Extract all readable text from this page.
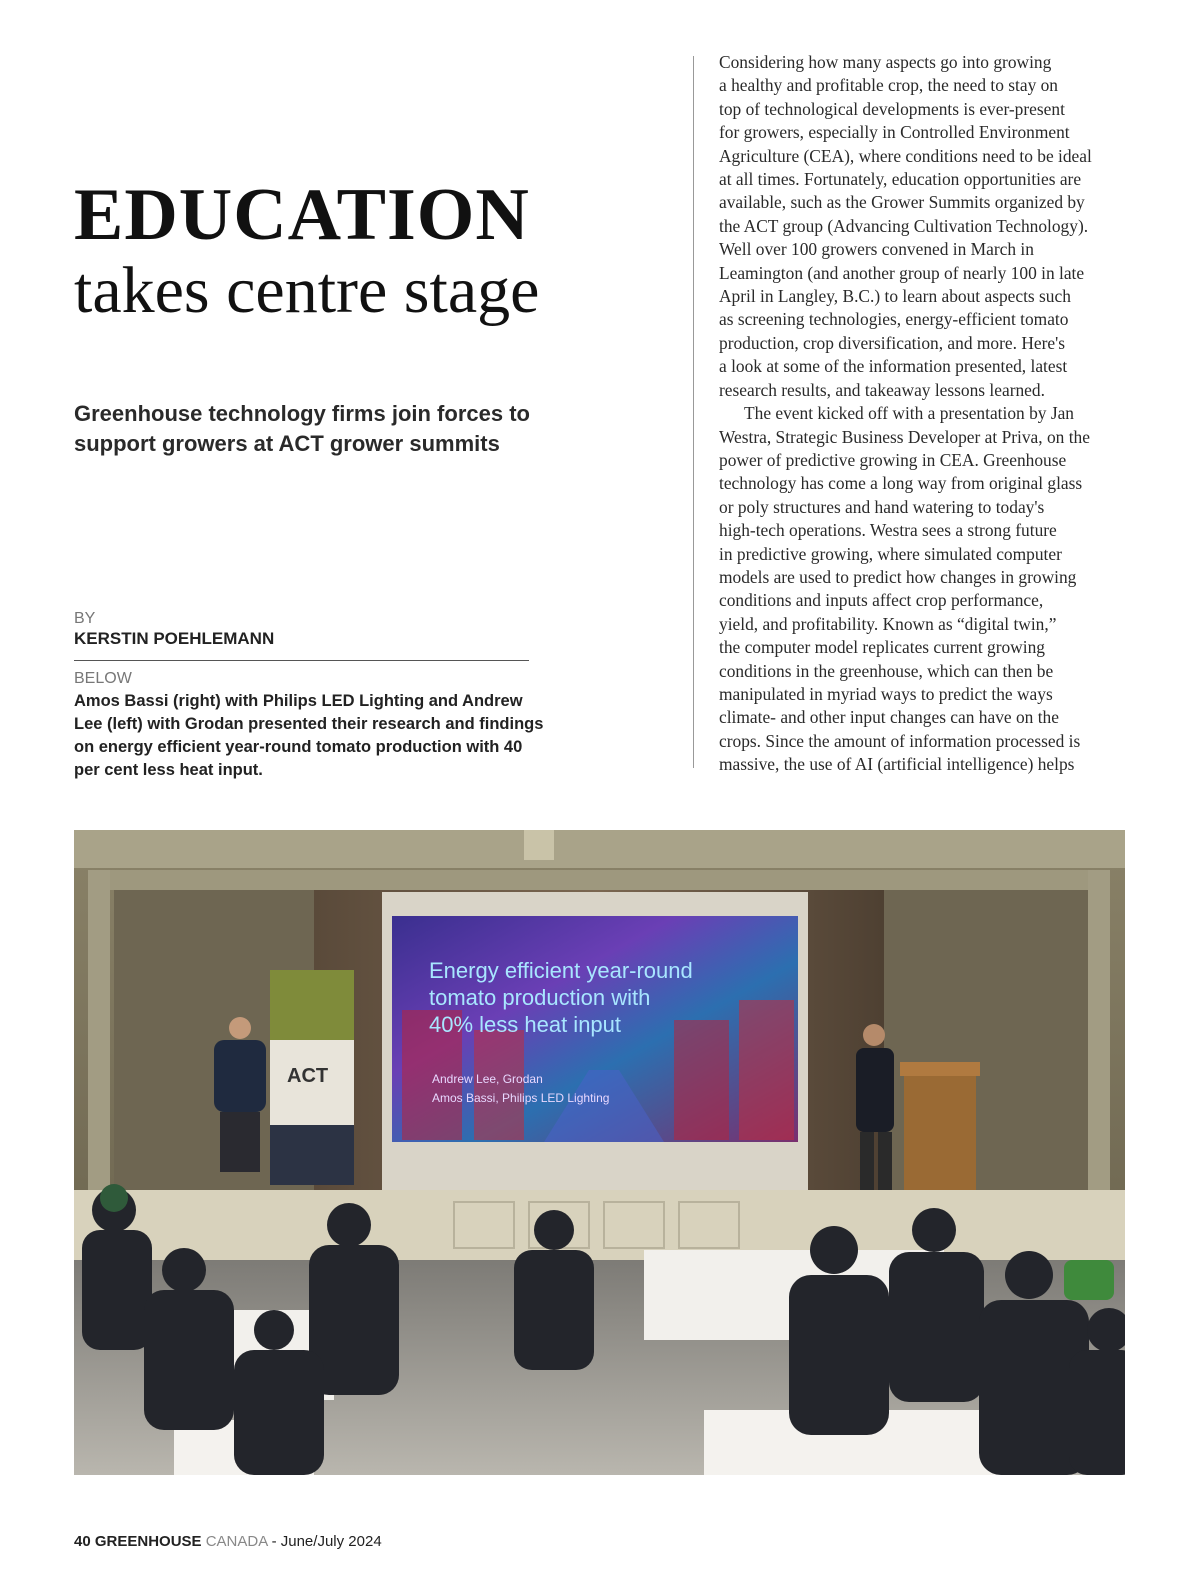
EDUCATION
takes centre stage

Greenhouse technology firms join forces to support growers at ACT grower summits

BY
KERSTIN POEHLEMANN
BELOW

Amos Bassi (right) with Philips LED Lighting and Andrew Lee (left) with Grodan presented their research and findings on energy efficient year-round tomato production with 40 per cent less heat input.

Considering how many aspects go into growing
a healthy and profitable crop, the need to stay on
top of technological developments is ever-present
for growers, especially in Controlled Environment
Agriculture (CEA), where conditions need to be ideal
at all times. Fortunately, education opportunities are
available, such as the Grower Summits organized by
the ACT group (Advancing Cultivation Technology).
Well over 100 growers convened in March in
Leamington (and another group of nearly 100 in late
April in Langley, B.C.) to learn about aspects such
as screening technologies, energy-efficient tomato
production, crop diversification, and more. Here's
a look at some of the information presented, latest
research results, and takeaway lessons learned.
The event kicked off with a presentation by Jan
Westra, Strategic Business Developer at Priva, on the
power of predictive growing in CEA. Greenhouse
technology has come a long way from original glass
or poly structures and hand watering to today's
high-tech operations. Westra sees a strong future
in predictive growing, where simulated computer
models are used to predict how changes in growing
conditions and inputs affect crop performance,
yield, and profitability. Known as “digital twin,”
the computer model replicates current growing
conditions in the greenhouse, which can then be
manipulated in myriad ways to predict the ways
climate- and other input changes can have on the
crops. Since the amount of information processed is
massive, the use of AI (artificial intelligence) helps
Energy efficient year-round
tomato production with
40% less heat input
Andrew Lee, Grodan
Amos Bassi, Philips LED Lighting
ACT
40 GREENHOUSE CANADA - June/July 2024
